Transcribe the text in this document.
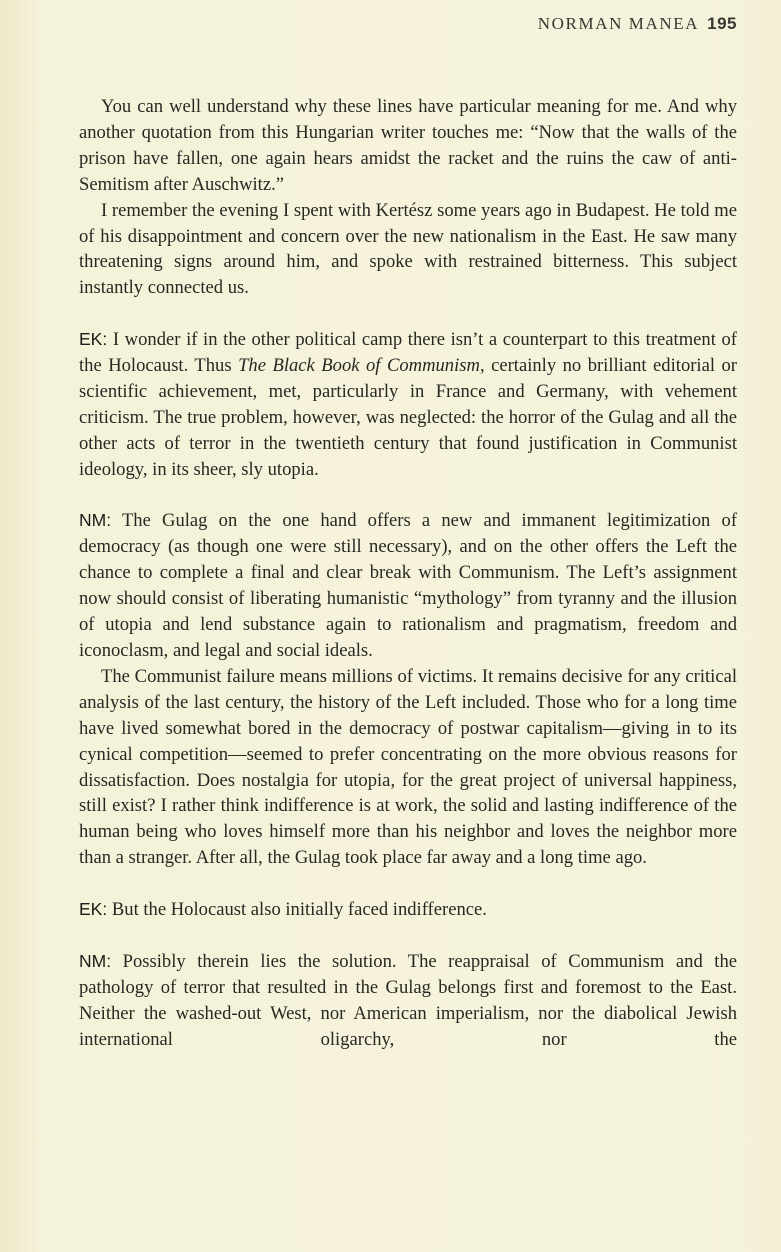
NORMAN MANEA 195

You can well understand why these lines have particular meaning for me. And why another quotation from this Hungarian writer touches me: “Now that the walls of the prison have fallen, one again hears amidst the racket and the ruins the caw of anti-Semitism after Auschwitz.”

I remember the evening I spent with Kertész some years ago in Budapest. He told me of his disappointment and concern over the new nationalism in the East. He saw many threatening signs around him, and spoke with restrained bitterness. This subject instantly connected us.

EK: I wonder if in the other political camp there isn’t a counterpart to this treatment of the Holocaust. Thus The Black Book of Communism, certainly no brilliant editorial or scientific achievement, met, particularly in France and Germany, with vehement criticism. The true problem, however, was neglected: the horror of the Gulag and all the other acts of terror in the twentieth century that found justification in Communist ideology, in its sheer, sly utopia.

NM: The Gulag on the one hand offers a new and immanent legitimization of democracy (as though one were still necessary), and on the other offers the Left the chance to complete a final and clear break with Communism. The Left’s assignment now should consist of liberating humanistic “mythology” from tyranny and the illusion of utopia and lend substance again to rationalism and pragmatism, freedom and iconoclasm, and legal and social ideals.

The Communist failure means millions of victims. It remains decisive for any critical analysis of the last century, the history of the Left included. Those who for a long time have lived somewhat bored in the democracy of postwar capitalism—giving in to its cynical competition—seemed to prefer concentrating on the more obvious reasons for dissatisfaction. Does nostalgia for utopia, for the great project of universal happiness, still exist? I rather think indifference is at work, the solid and lasting indifference of the human being who loves himself more than his neighbor and loves the neighbor more than a stranger. After all, the Gulag took place far away and a long time ago.

EK: But the Holocaust also initially faced indifference.

NM: Possibly therein lies the solution. The reappraisal of Communism and the pathology of terror that resulted in the Gulag belongs first and foremost to the East. Neither the washed-out West, nor American imperialism, nor the diabolical Jewish international oligarchy, nor the
